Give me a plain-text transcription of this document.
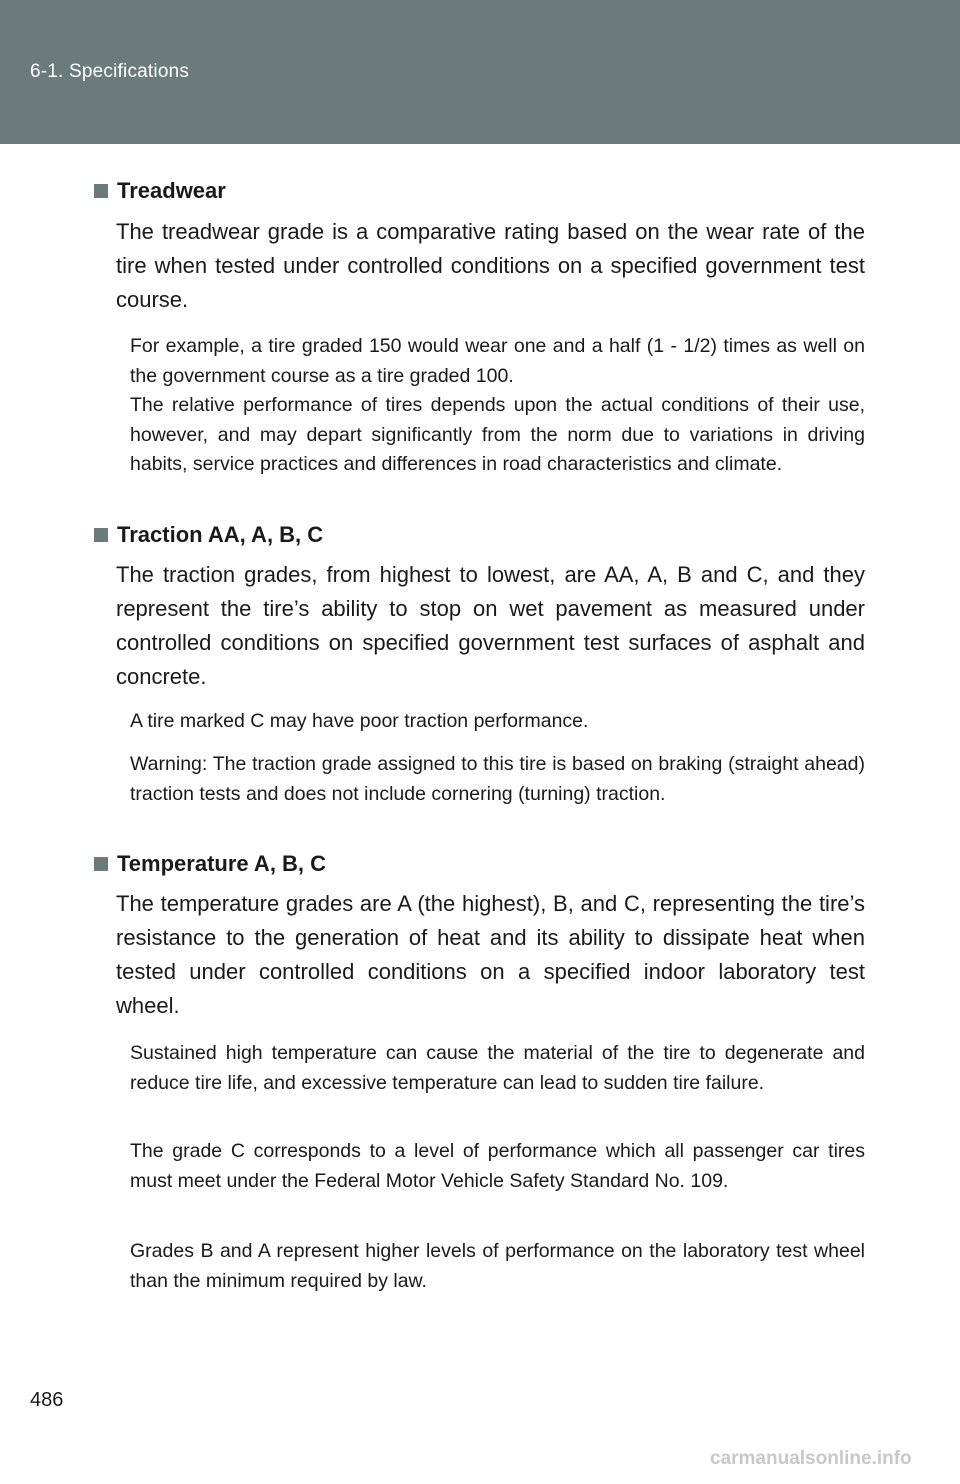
6-1. Specifications
Treadwear
The treadwear grade is a comparative rating based on the wear rate of the tire when tested under controlled conditions on a specified government test course.
For example, a tire graded 150 would wear one and a half (1 - 1/2) times as well on the government course as a tire graded 100.
The relative performance of tires depends upon the actual conditions of their use, however, and may depart significantly from the norm due to variations in driving habits, service practices and differences in road characteristics and climate.
Traction AA, A, B, C
The traction grades, from highest to lowest, are AA, A, B and C, and they represent the tire’s ability to stop on wet pavement as measured under controlled conditions on specified government test surfaces of asphalt and concrete.
A tire marked C may have poor traction performance.
Warning: The traction grade assigned to this tire is based on braking (straight ahead) traction tests and does not include cornering (turning) traction.
Temperature A, B, C
The temperature grades are A (the highest), B, and C, representing the tire’s resistance to the generation of heat and its ability to dissipate heat when tested under controlled conditions on a specified indoor laboratory test wheel.
Sustained high temperature can cause the material of the tire to degenerate and reduce tire life, and excessive temperature can lead to sudden tire failure.
The grade C corresponds to a level of performance which all passenger car tires must meet under the Federal Motor Vehicle Safety Standard No. 109.
Grades B and A represent higher levels of performance on the laboratory test wheel than the minimum required by law.
486
carmanualsonline.info
